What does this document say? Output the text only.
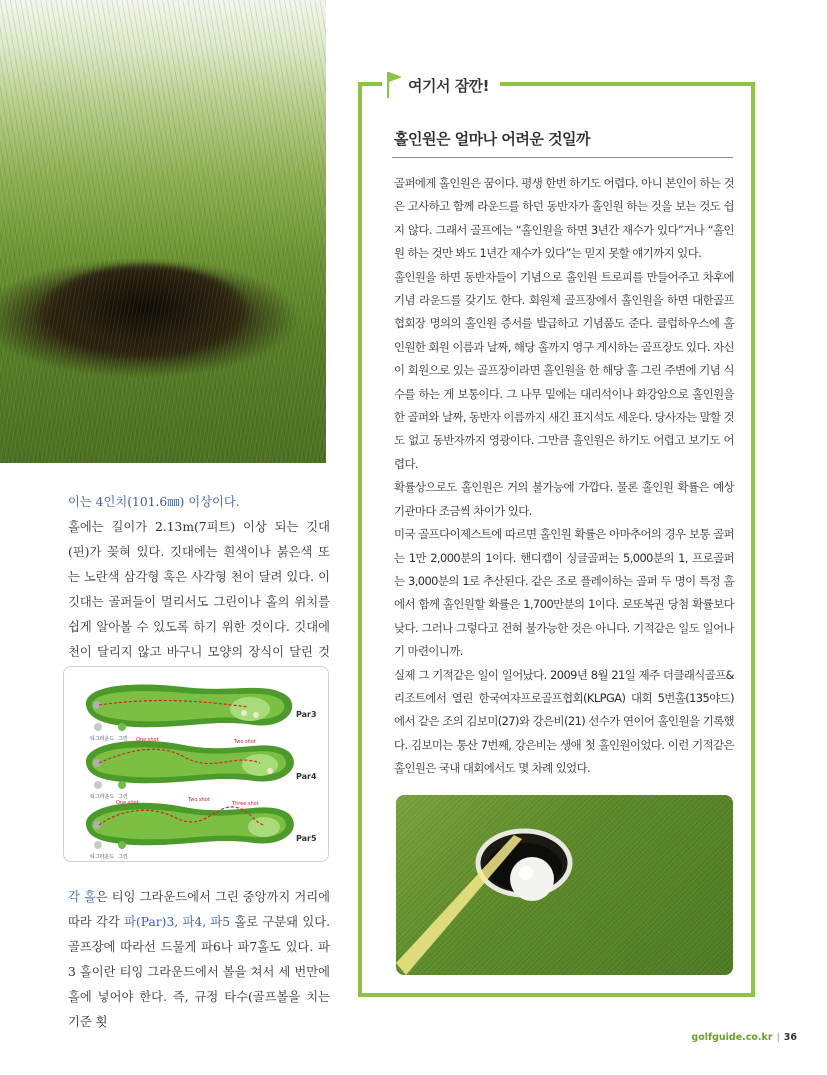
이는 4인치(101.6㎜) 이상이다.

홀에는 길이가 2.13m(7피트) 이상 되는 깃대(핀)가 꽂혀 있다. 깃대에는 흰색이나 붉은색 또는 노란색 삼각형 혹은 사각형 천이 달려 있다. 이 깃대는 골퍼들이 멀리서도 그린이나 홀의 위치를 쉽게 알아볼 수 있도록 하기 위한 것이다. 깃대에 천이 달리지 않고 바구니 모양의 장식이 달린 것

티그라운드 그린
Par3
One shot	Two shot
티그라운드 그린
Par4
One shot	Two shot
Three shot
티그라운드 그린
Par5
각 홀은 티잉 그라운드에서 그린 중앙까지 거리에 따라 각각 파(Par)3, 파4, 파5 홀로 구분돼 있다. 골프장에 따라선 드물게 파6나 파7홀도 있다. 파3 홀이란 티잉 그라운드에서 볼을 쳐서 세 번만에 홀에 넣어야 한다. 즉, 규정 타수(골프볼을 치는 기준 횟
여기서 잠깐!
홀인원은 얼마나 어려운 것일까

골퍼에게 홀인원은 꿈이다. 평생 한번 하기도 어렵다. 아니 본인이 하는 것은 고사하고 함께 라운드를 하던 동반자가 홀인원 하는 것을 보는 것도 쉽지 않다. 그래서 골프에는 “홀인원을 하면 3년간 재수가 있다”거나 “홀인원 하는 것만 봐도 1년간 재수가 있다”는 믿지 못할 얘기까지 있다.

홀인원을 하면 동반자들이 기념으로 홀인원 트로피를 만들어주고 차후에 기념 라운드를 갖기도 한다. 회원제 골프장에서 홀인원을 하면 대한골프협회장 명의의 홀인원 증서를 발급하고 기념품도 준다. 클럽하우스에 홀인원한 회원 이름과 날짜, 해당 홀까지 영구 게시하는 골프장도 있다. 자신이 회원으로 있는 골프장이라면 홀인원을 한 해당 홀 그린 주변에 기념 식수를 하는 게 보통이다. 그 나무 밑에는 대리석이나 화강암으로 홀인원을 한 골퍼와 날짜, 동반자 이름까지 새긴 표지석도 세운다. 당사자는 말할 것도 없고 동반자까지 영광이다. 그만큼 홀인원은 하기도 어렵고 보기도 어렵다.

확률상으로도 홀인원은 거의 불가능에 가깝다. 물론 홀인원 확률은 예상기관마다 조금씩 차이가 있다.

미국 골프다이제스트에 따르면 홀인원 확률은 아마추어의 경우 보통 골퍼는 1만 2,000분의 1이다. 핸디캡이 싱글골퍼는 5,000분의 1, 프로골퍼는 3,000분의 1로 추산된다. 같은 조로 플레이하는 골퍼 두 명이 특정 홀에서 함께 홀인원할 확률은 1,700만분의 1이다. 로또복권 당첨 확률보다 낮다. 그러나 그렇다고 전혀 불가능한 것은 아니다. 기적같은 일도 일어나기 마련이니까.

실제 그 기적같은 일이 일어났다. 2009년 8월 21일 제주 더클래식골프&리조트에서 열린 한국여자프로골프협회(KLPGA) 대회 5번홀(135야드)에서 같은 조의 김보미(27)와 강은비(21) 선수가 연이어 홀인원을 기록했다. 김보미는 통산 7번째, 강은비는 생애 첫 홀인원이었다. 이런 기적같은 홀인원은 국내 대회에서도 몇 차례 있었다.

golfguide.co.kr | 36
